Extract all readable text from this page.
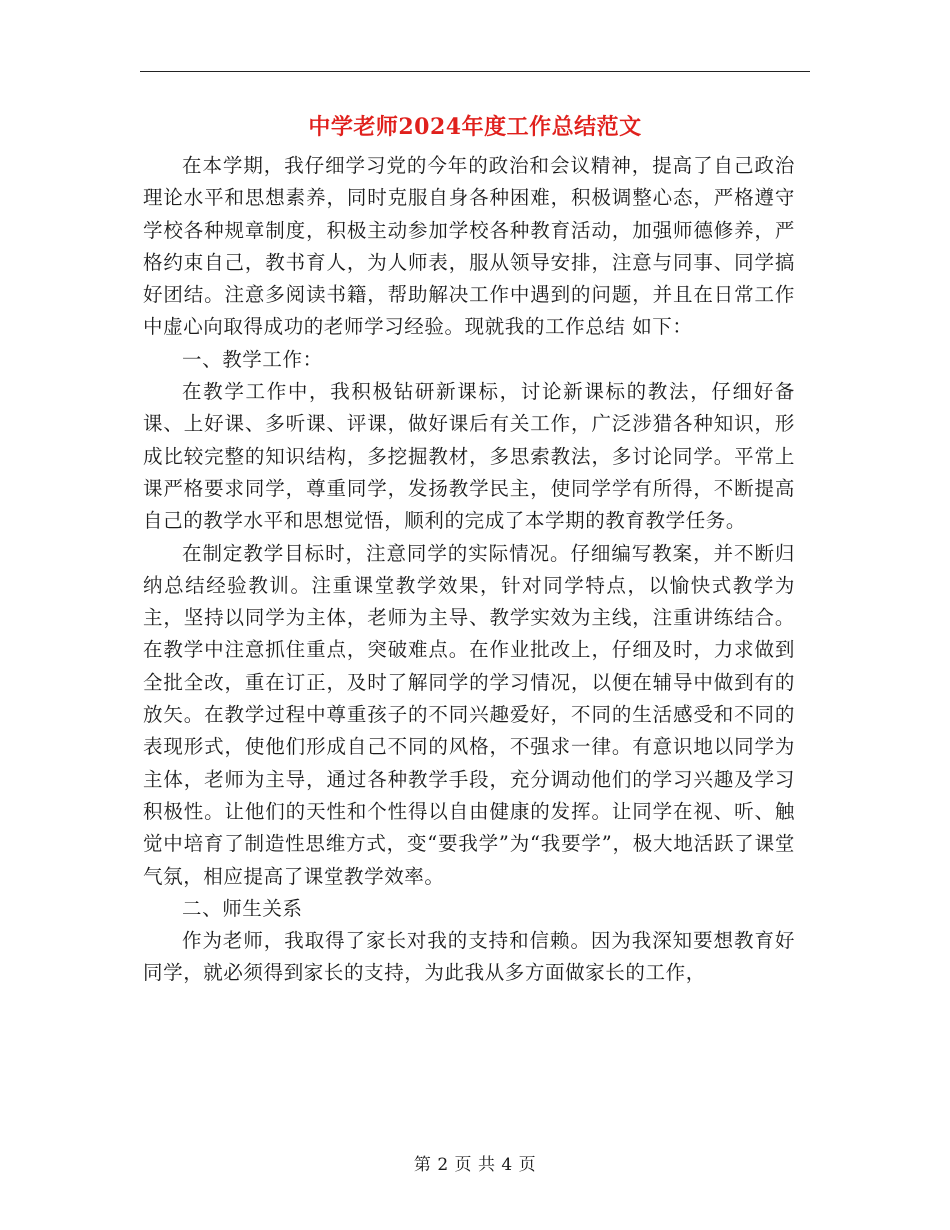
中学老师2024年度工作总结范文

在本学期，我仔细学习党的今年的政治和会议精神，提高了自己政治理论水平和思想素养，同时克服自身各种困难，积极调整心态，严格遵守学校各种规章制度，积极主动参加学校各种教育活动，加强师德修养，严格约束自己，教书育人，为人师表，服从领导安排，注意与同事、同学搞好团结。注意多阅读书籍，帮助解决工作中遇到的问题，并且在日常工作中虚心向取得成功的老师学习经验。现就我的工作总结 如下：

一、教学工作：

在教学工作中，我积极钻研新课标，讨论新课标的教法，仔细好备课、上好课、多听课、评课，做好课后有关工作，广泛涉猎各种知识，形成比较完整的知识结构，多挖掘教材，多思索教法，多讨论同学。平常上课严格要求同学，尊重同学，发扬教学民主，使同学学有所得，不断提高自己的教学水平和思想觉悟，顺利的完成了本学期的教育教学任务。

在制定教学目标时，注意同学的实际情况。仔细编写教案，并不断归纳总结经验教训。注重课堂教学效果，针对同学特点，以愉快式教学为主，坚持以同学为主体，老师为主导、教学实效为主线，注重讲练结合。在教学中注意抓住重点，突破难点。在作业批改上，仔细及时，力求做到全批全改，重在订正，及时了解同学的学习情况，以便在辅导中做到有的放矢。在教学过程中尊重孩子的不同兴趣爱好，不同的生活感受和不同的表现形式，使他们形成自己不同的风格，不强求一律。有意识地以同学为主体，老师为主导，通过各种教学手段，充分调动他们的学习兴趣及学习积极性。让他们的天性和个性得以自由健康的发挥。让同学在视、听、触觉中培育了制造性思维方式，变“要我学”为“我要学”，极大地活跃了课堂气氛，相应提高了课堂教学效率。

二、师生关系

作为老师，我取得了家长对我的支持和信赖。因为我深知要想教育好同学，就必须得到家长的支持，为此我从多方面做家长的工作，

第 2 页 共 4 页
